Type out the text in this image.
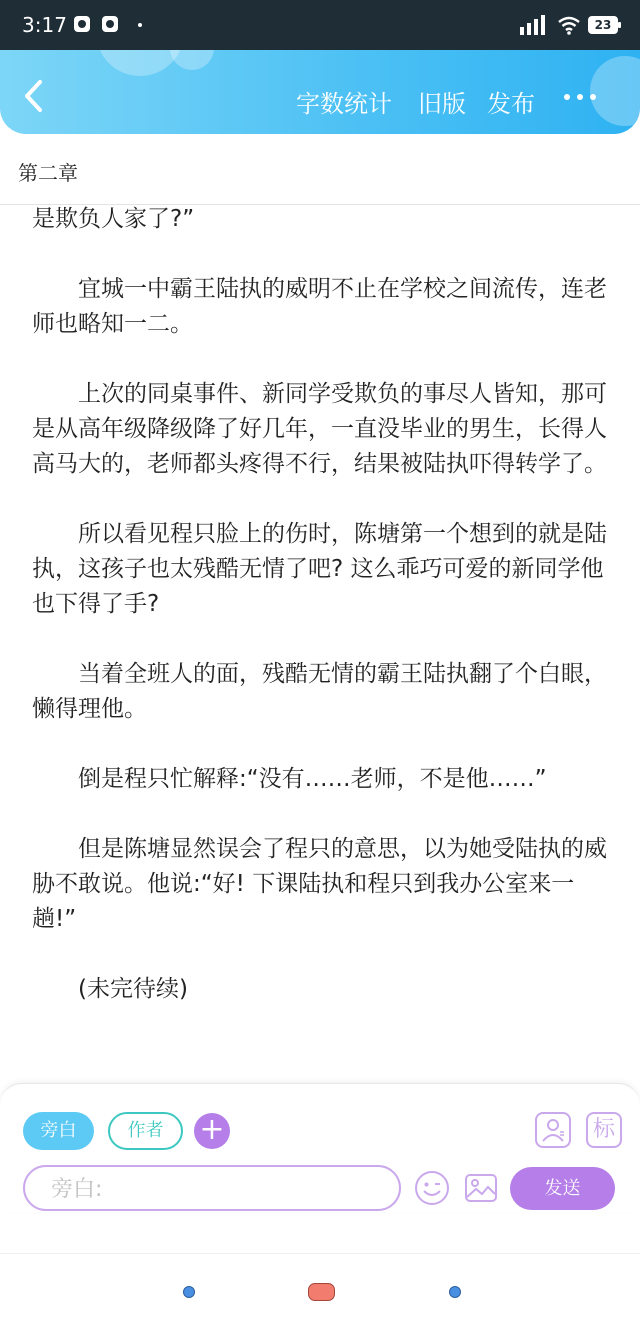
3:17	23
字数统计 旧版 发布
第二章

是欺负人家了?”

宜城一中霸王陆执的威明不止在学校之间流传，连老师也略知一二。

上次的同桌事件、新同学受欺负的事尽人皆知，那可是从高年级降级降了好几年，一直没毕业的男生，长得人高马大的，老师都头疼得不行，结果被陆执吓得转学了。

所以看见程只脸上的伤时，陈塘第一个想到的就是陆执，这孩子也太残酷无情了吧? 这么乖巧可爱的新同学他也下得了手?

当着全班人的面，残酷无情的霸王陆执翻了个白眼，懒得理他。

倒是程只忙解释:“没有……老师，不是他……”

但是陈塘显然误会了程只的意思，以为她受陆执的威胁不敢说。他说:“好! 下课陆执和程只到我办公室来一趟!”

(未完待续)

旁白	作者	+	标
旁白:
发送
